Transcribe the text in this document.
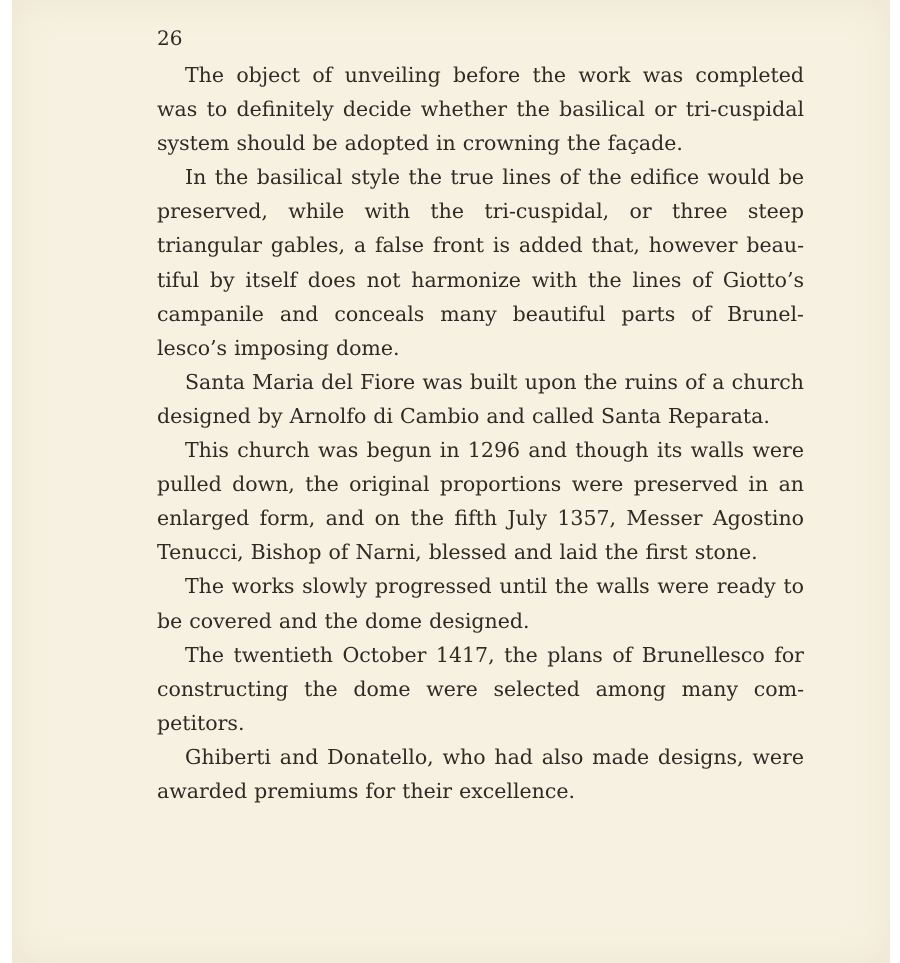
26

The object of unveiling before the work was completed was to definitely decide whether the basilical or tri-cuspidal system should be adopted in crowning the façade.

In the basilical style the true lines of the edifice would be preserved, while with the tri-cuspidal, or three steep triangular gables, a false front is added that, however beau-tiful by itself does not harmonize with the lines of Giotto’s campanile and conceals many beautiful parts of Brunel-lesco’s imposing dome.

Santa Maria del Fiore was built upon the ruins of a church designed by Arnolfo di Cambio and called Santa Reparata.

This church was begun in 1296 and though its walls were pulled down, the original proportions were preserved in an enlarged form, and on the fifth July 1357, Messer Agostino Tenucci, Bishop of Narni, blessed and laid the first stone.

The works slowly progressed until the walls were ready to be covered and the dome designed.

The twentieth October 1417, the plans of Brunellesco for constructing the dome were selected among many com-petitors.

Ghiberti and Donatello, who had also made designs, were awarded premiums for their excellence.
